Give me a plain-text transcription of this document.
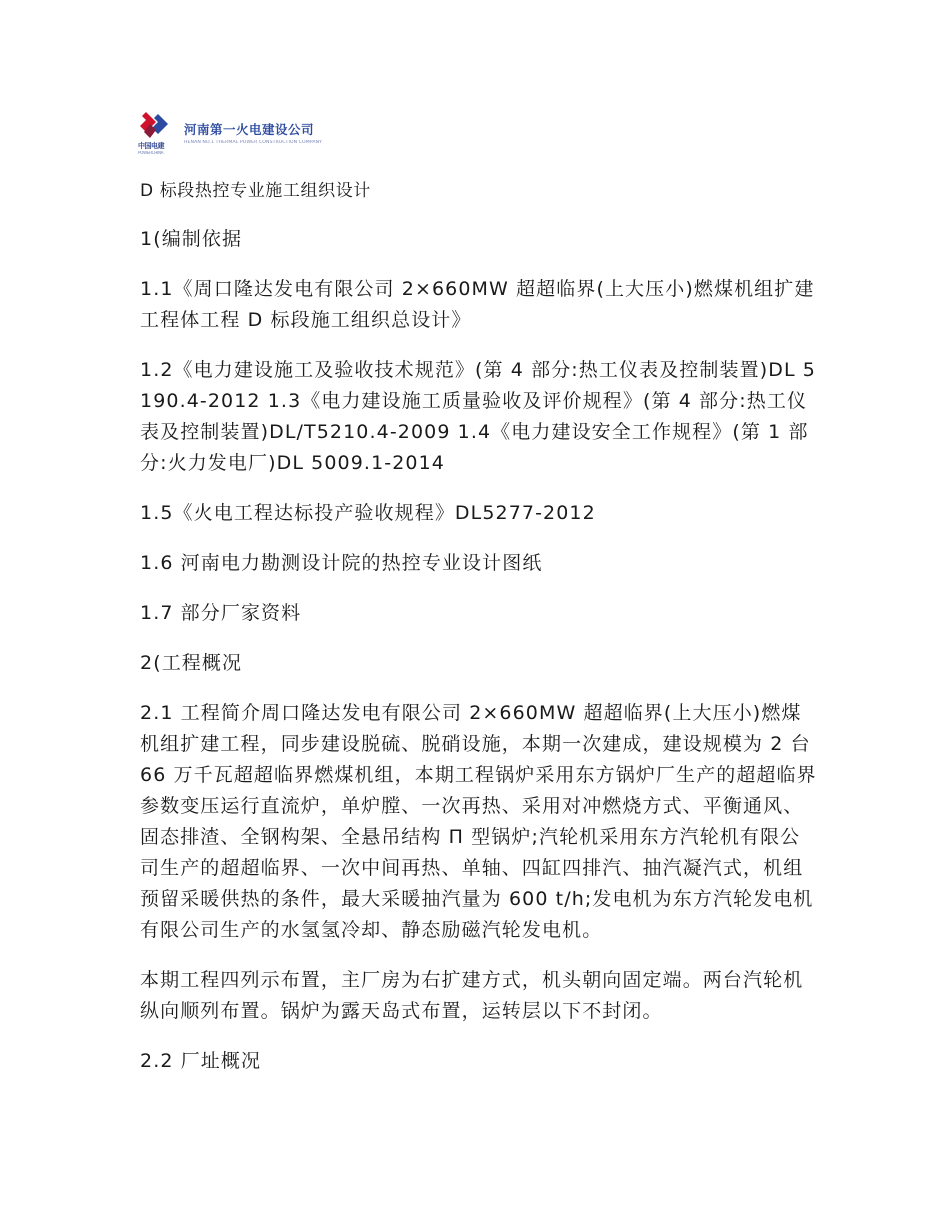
中国电建
POWERCHINA
河南第一火电建设公司
HENAN NO.1 THERMAL POWER CONSTRUCTION COMPANY

D 标段热控专业施工组织设计

1(编制依据

1.1《周口隆达发电有限公司 2×660MW 超超临界(上大压小)燃煤机组扩建工程体工程 D 标段施工组织总设计》

1.2《电力建设施工及验收技术规范》(第 4 部分:热工仪表及控制装置)DL 5190.4-2012 1.3《电力建设施工质量验收及评价规程》(第 4 部分:热工仪表及控制装置)DL/T5210.4-2009 1.4《电力建设安全工作规程》(第 1 部分:火力发电厂)DL 5009.1-2014

1.5《火电工程达标投产验收规程》DL5277-2012

1.6 河南电力勘测设计院的热控专业设计图纸

1.7 部分厂家资料

2(工程概况

2.1 工程简介周口隆达发电有限公司 2×660MW 超超临界(上大压小)燃煤机组扩建工程，同步建设脱硫、脱硝设施，本期一次建成，建设规模为 2 台 66 万千瓦超超临界燃煤机组，本期工程锅炉采用东方锅炉厂生产的超超临界参数变压运行直流炉，单炉膛、一次再热、采用对冲燃烧方式、平衡通风、固态排渣、全钢构架、全悬吊结构 Π 型锅炉;汽轮机采用东方汽轮机有限公司生产的超超临界、一次中间再热、单轴、四缸四排汽、抽汽凝汽式，机组预留采暖供热的条件，最大采暖抽汽量为 600 t/h;发电机为东方汽轮发电机有限公司生产的水氢氢冷却、静态励磁汽轮发电机。

本期工程四列示布置，主厂房为右扩建方式，机头朝向固定端。两台汽轮机纵向顺列布置。锅炉为露天岛式布置，运转层以下不封闭。

2.2 厂址概况
